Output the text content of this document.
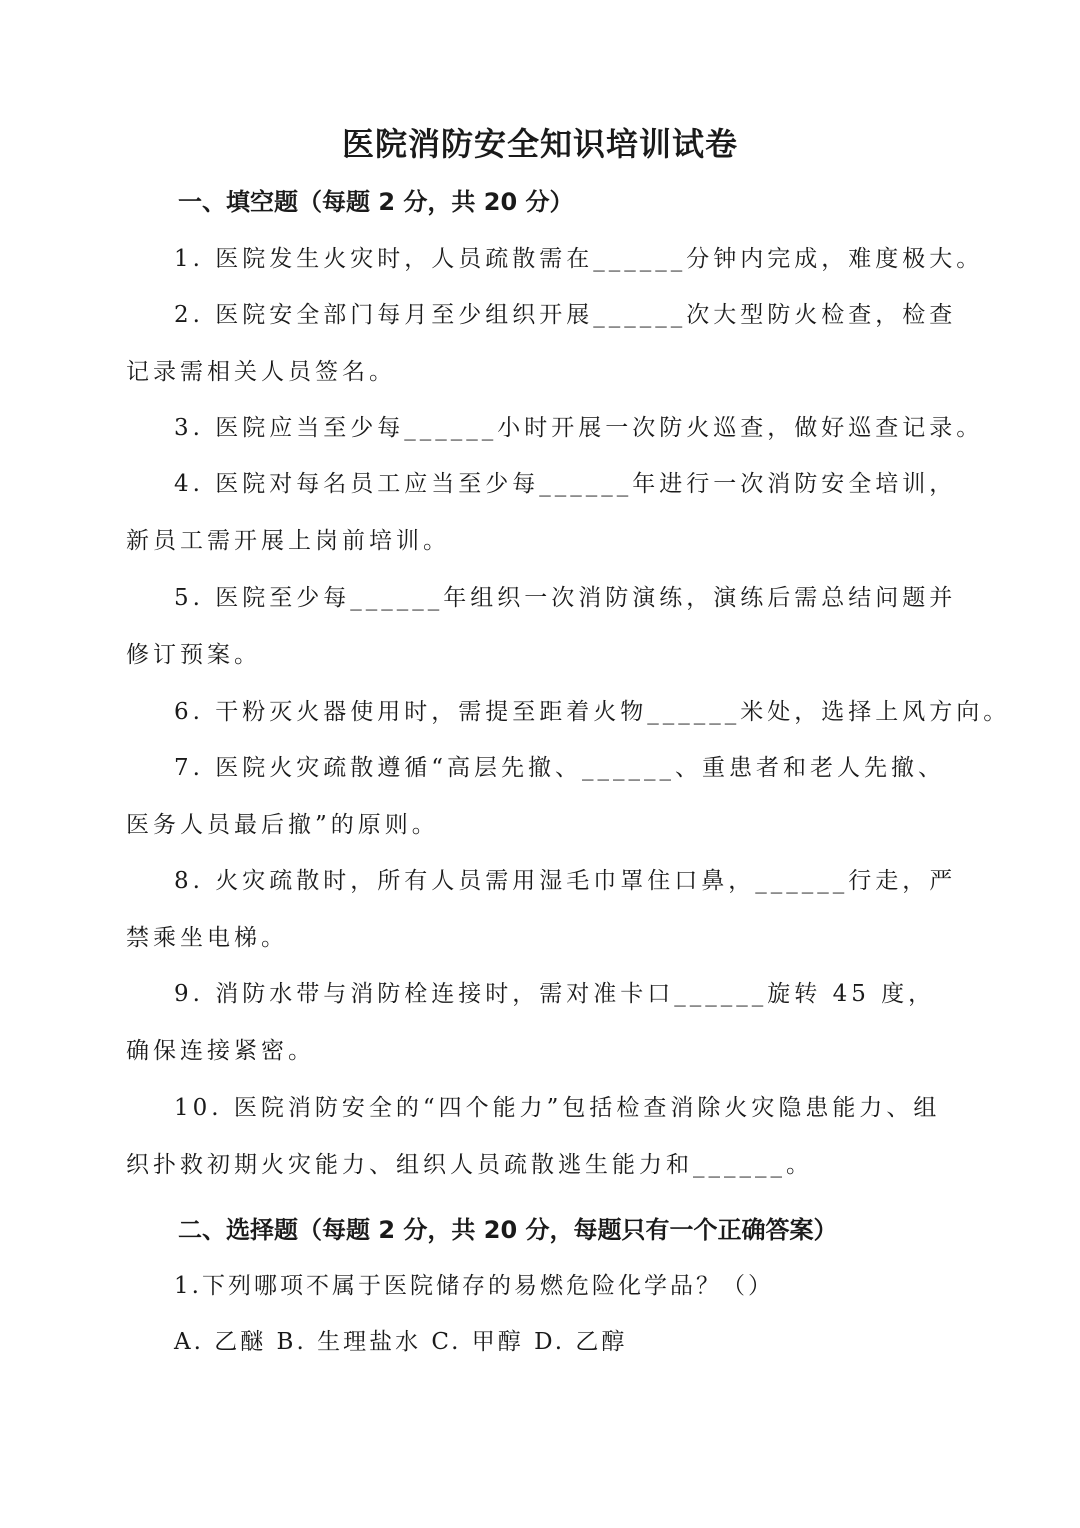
医院消防安全知识培训试卷
一、填空题（每题 2 分，共 20 分）
1. 医院发生火灾时，人员疏散需在______分钟内完成，难度极大。
2. 医院安全部门每月至少组织开展______次大型防火检查，检查记录需相关人员签名。
3. 医院应当至少每______小时开展一次防火巡查，做好巡查记录。
4. 医院对每名员工应当至少每______年进行一次消防安全培训，新员工需开展上岗前培训。
5. 医院至少每______年组织一次消防演练，演练后需总结问题并修订预案。
6. 干粉灭火器使用时，需提至距着火物______米处，选择上风方向。
7. 医院火灾疏散遵循“高层先撤、______、重患者和老人先撤、医务人员最后撤”的原则。
8. 火灾疏散时，所有人员需用湿毛巾罩住口鼻，______行走，严禁乘坐电梯。
9. 消防水带与消防栓连接时，需对准卡口______旋转 45 度，确保连接紧密。
10. 医院消防安全的“四个能力”包括检查消除火灾隐患能力、组织扑救初期火灾能力、组织人员疏散逃生能力和______。
二、选择题（每题 2 分，共 20 分，每题只有一个正确答案）
1.下列哪项不属于医院储存的易燃危险化学品？（）
A. 乙醚 B. 生理盐水 C. 甲醇 D. 乙醇
